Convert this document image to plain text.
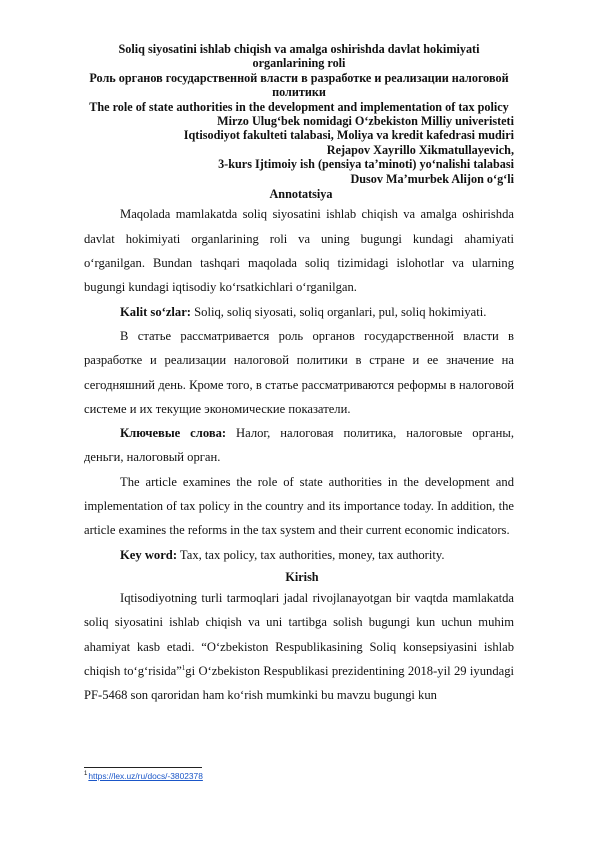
Soliq siyosatini ishlab chiqish va amalga oshirishda davlat hokimiyati organlarining roli

Роль органов государственной власти в разработке и реализации налоговой политики

The role of state authorities in the development and implementation of tax policy

Mirzo Ulug‘bek nomidagi O‘zbekiston Milliy univeristeti

Iqtisodiyot fakulteti talabasi, Moliya va kredit kafedrasi mudiri

Rejapov Xayrillo Xikmatullayevich,

3-kurs Ijtimoiy ish (pensiya ta’minoti) yo‘nalishi talabasi

Dusov Ma’murbek Alijon o‘g‘li

Annotatsiya

Maqolada mamlakatda soliq siyosatini ishlab chiqish va amalga oshirishda davlat hokimiyati organlarining roli va uning bugungi kundagi ahamiyati o‘rganilgan. Bundan tashqari maqolada soliq tizimidagi islohotlar va ularning bugungi kundagi iqtisodiy ko‘rsatkichlari o‘rganilgan.

Kalit so‘zlar: Soliq, soliq siyosati, soliq organlari, pul, soliq hokimiyati.

В статье рассматривается роль органов государственной власти в разработке и реализации налоговой политики в стране и ее значение на сегодняшний день. Кроме того, в статье рассматриваются реформы в налоговой системе и их текущие экономические показатели.

Ключевые слова: Налог, налоговая политика, налоговые органы, деньги, налоговый орган.

The article examines the role of state authorities in the development and implementation of tax policy in the country and its importance today. In addition, the article examines the reforms in the tax system and their current economic indicators.

Key word: Tax, tax policy, tax authorities, money, tax authority.

Kirish

Iqtisodiyotning turli tarmoqlari jadal rivojlanayotgan bir vaqtda mamlakatda soliq siyosatini ishlab chiqish va uni tartibga solish bugungi kun uchun muhim ahamiyat kasb etadi. “O‘zbekiston Respublikasining Soliq konsepsiyasini ishlab chiqish to‘g‘risida”$^1$gi O‘zbekiston Respublikasi prezidentining 2018-yil 29 iyundagi PF-5468 son qaroridan ham ko‘rish mumkinki bu mavzu bugungi kun

$^1$https://lex.uz/ru/docs/-3802378
